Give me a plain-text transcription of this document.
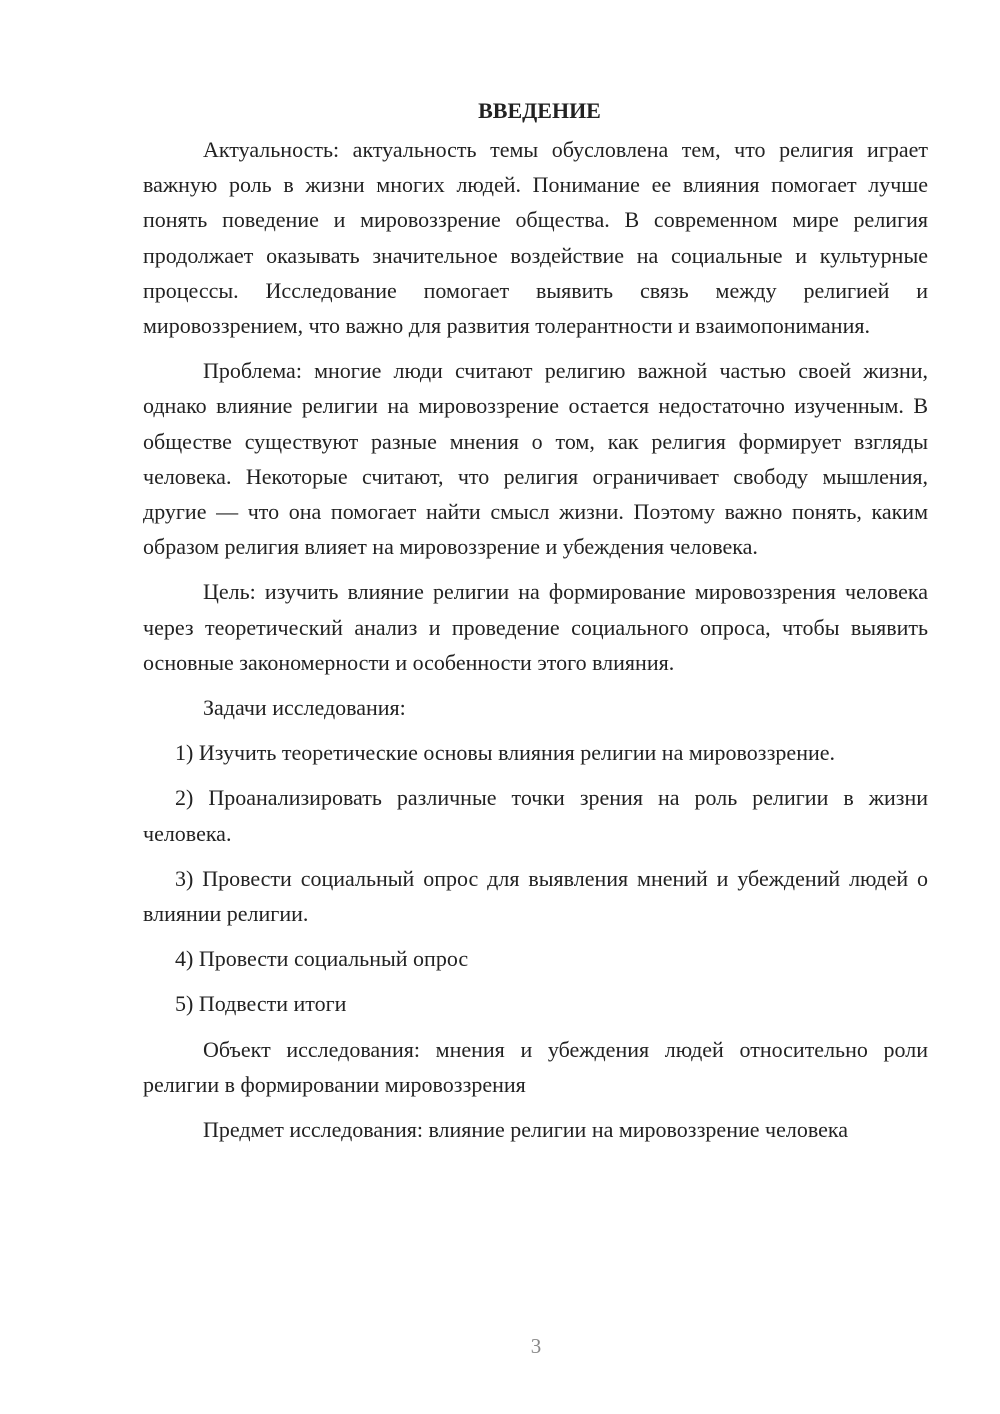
ВВЕДЕНИЕ

Актуальность: актуальность темы обусловлена тем, что религия играет важную роль в жизни многих людей. Понимание ее влияния помогает лучше понять поведение и мировоззрение общества. В современном мире религия продолжает оказывать значительное воздействие на социальные и культурные процессы. Исследование помогает выявить связь между религией и мировоззрением, что важно для развития толерантности и взаимопонимания.

Проблема: многие люди считают религию важной частью своей жизни, однако влияние религии на мировоззрение остается недостаточно изученным. В обществе существуют разные мнения о том, как религия формирует взгляды человека. Некоторые считают, что религия ограничивает свободу мышления, другие — что она помогает найти смысл жизни. Поэтому важно понять, каким образом религия влияет на мировоззрение и убеждения человека.

Цель: изучить влияние религии на формирование мировоззрения человека через теоретический анализ и проведение социального опроса, чтобы выявить основные закономерности и особенности этого влияния.

Задачи исследования:

1) Изучить теоретические основы влияния религии на мировоззрение.

2) Проанализировать различные точки зрения на роль религии в жизни человека.

3) Провести социальный опрос для выявления мнений и убеждений людей о влиянии религии.

4) Провести социальный опрос

5) Подвести итоги

Объект исследования: мнения и убеждения людей относительно роли религии в формировании мировоззрения

Предмет исследования: влияние религии на мировоззрение человека

3
